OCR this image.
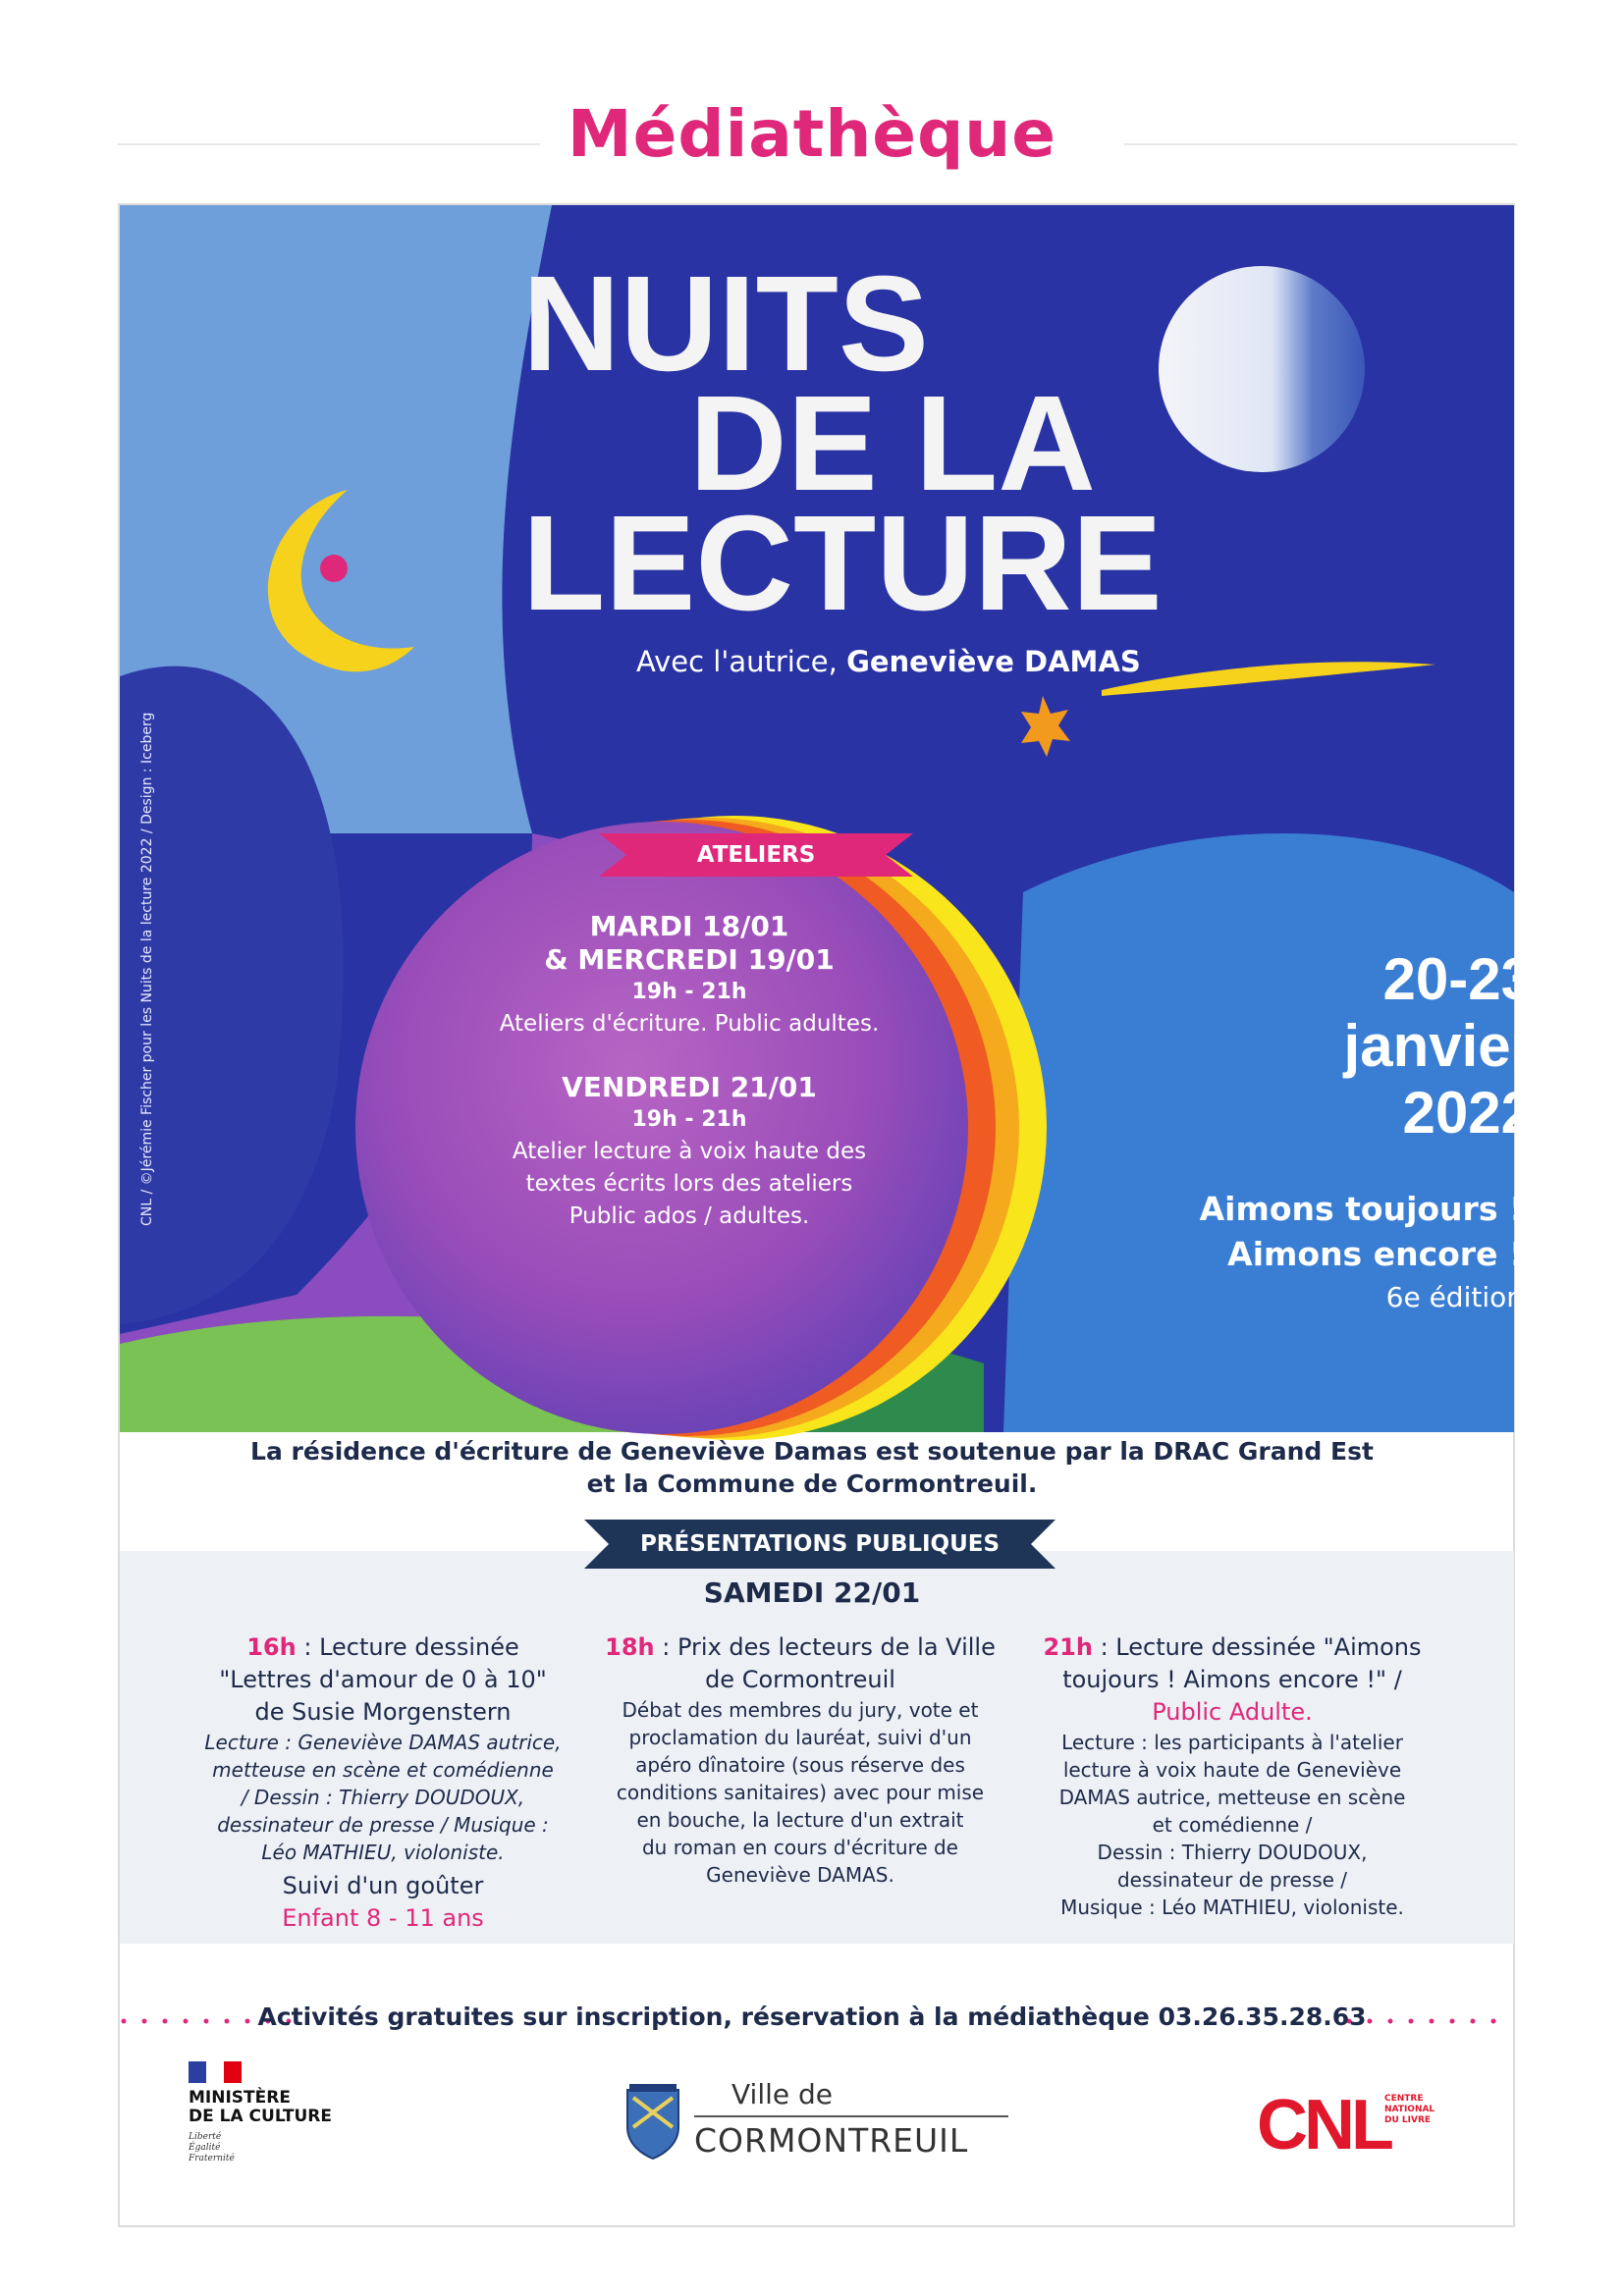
Médiathèque
NUITS
DE LA
LECTURE
Avec l'autrice, Geneviève DAMAS
ATELIERS
MARDI 18/01
& MERCREDI 19/01
19h - 21h
Ateliers d'écriture. Public adultes.
VENDREDI 21/01
19h - 21h
Atelier lecture à voix haute des
textes écrits lors des ateliers
Public ados / adultes.
20-23
janvier
2022
Aimons toujours !
Aimons encore !
6e édition
CNL / ©Jérémie Fischer pour les Nuits de la lecture 2022 / Design : Iceberg
La résidence d'écriture de Geneviève Damas est soutenue par la DRAC Grand Est
et la Commune de Cormontreuil.
PRÉSENTATIONS PUBLIQUES
SAMEDI 22/01
16h : Lecture dessinée
"Lettres d'amour de 0 à 10"
de Susie Morgenstern
Lecture : Geneviève DAMAS autrice,
metteuse en scène et comédienne
/ Dessin : Thierry DOUDOUX,
dessinateur de presse / Musique :
Léo MATHIEU, violoniste.
Suivi d'un goûter
Enfant 8 - 11 ans
18h : Prix des lecteurs de la Ville
de Cormontreuil
Débat des membres du jury, vote et
proclamation du lauréat, suivi d'un
apéro dînatoire (sous réserve des
conditions sanitaires) avec pour mise
en bouche, la lecture d'un extrait
du roman en cours d'écriture de
Geneviève DAMAS.
21h : Lecture dessinée "Aimons
toujours ! Aimons encore !" /
Public Adulte.
Lecture : les participants à l'atelier
lecture à voix haute de Geneviève
DAMAS autrice, metteuse en scène
et comédienne /
Dessin : Thierry DOUDOUX,
dessinateur de presse /
Musique : Léo MATHIEU, violoniste.
Activités gratuites sur inscription, réservation à la médiathèque 03.26.35.28.63
MINISTÈRE
DE LA CULTURE
Liberté
Égalité
Fraternité
Ville de
CORMONTREUIL	CNL
CENTRE
NATIONAL
DU LIVRE
